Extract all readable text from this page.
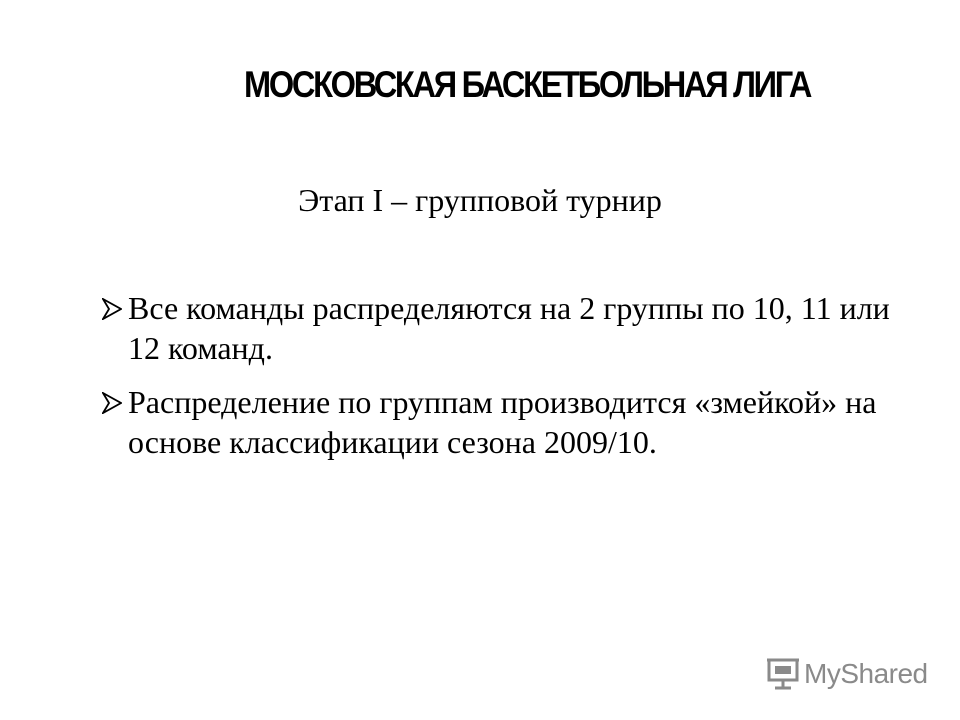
МОСКОВСКАЯ БАСКЕТБОЛЬНАЯ ЛИГА
Этап I – групповой турнир
Все команды распределяются на 2 группы по 10, 11 или 12 команд.
Распределение по группам производится «змейкой» на основе классификации сезона 2009/10.
MyShared
